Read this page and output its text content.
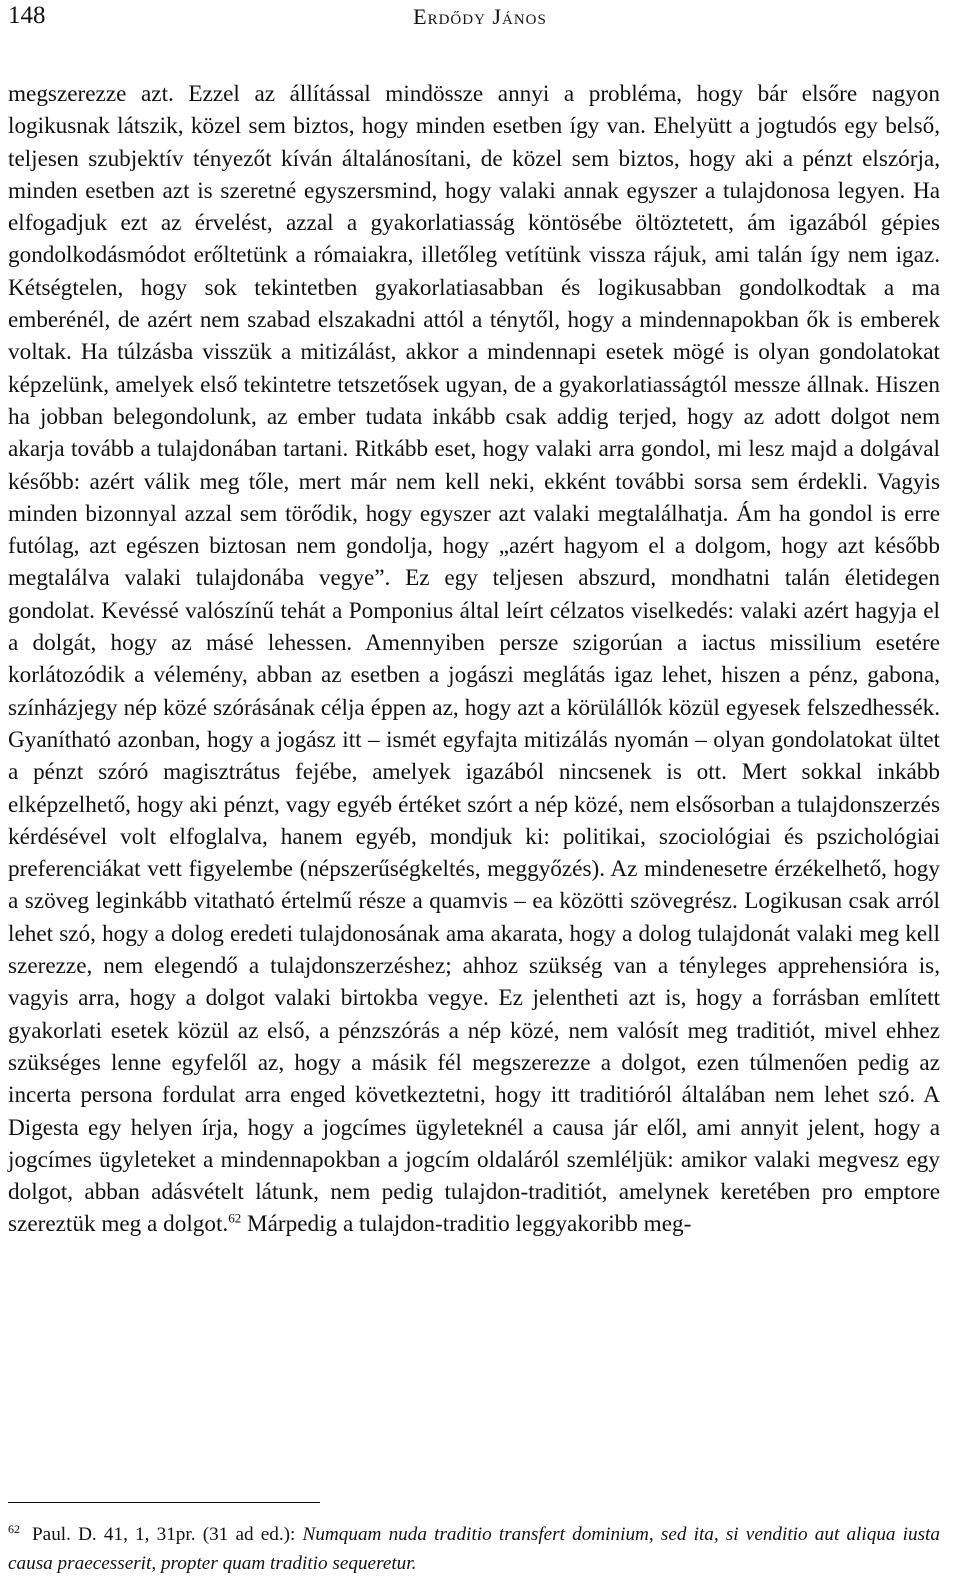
148	Erdődy János

megszerezze azt. Ezzel az állítással mindössze annyi a probléma, hogy bár elsőre nagyon logikusnak látszik, közel sem biztos, hogy minden esetben így van. Ehelyütt a jogtudós egy belső, teljesen szubjektív tényezőt kíván általánosítani, de közel sem biztos, hogy aki a pénzt elszórja, minden esetben azt is szeretné egyszersmind, hogy valaki annak egyszer a tulajdonosa legyen. Ha elfogadjuk ezt az érvelést, azzal a gyakorlatiasság köntösébe öltöztetett, ám igazából gépies gondolkodásmódot erőltetünk a rómaiakra, illetőleg vetítünk vissza rájuk, ami talán így nem igaz. Kétségtelen, hogy sok tekintetben gyakorlatiasabban és logikusabban gondolkodtak a ma emberénél, de azért nem szabad elszakadni attól a ténytől, hogy a mindennapokban ők is emberek voltak. Ha túlzásba visszük a mitizálást, akkor a mindennapi esetek mögé is olyan gondolatokat képzelünk, amelyek első tekintetre tetszetősek ugyan, de a gyakorlatiasságtól messze állnak. Hiszen ha jobban belegondolunk, az ember tudata inkább csak addig terjed, hogy az adott dolgot nem akarja tovább a tulajdonában tartani. Ritkább eset, hogy valaki arra gondol, mi lesz majd a dolgával később: azért válik meg tőle, mert már nem kell neki, ekként további sorsa sem érdekli. Vagyis minden bizonnyal azzal sem törődik, hogy egyszer azt valaki megtalálhatja. Ám ha gondol is erre futólag, azt egészen biztosan nem gondolja, hogy „azért hagyom el a dolgom, hogy azt később megtalálva valaki tulajdonába vegye”. Ez egy teljesen abszurd, mondhatni talán életidegen gondolat. Kevéssé valószínű tehát a Pomponius által leírt célzatos viselkedés: valaki azért hagyja el a dolgát, hogy az másé lehessen. Amennyiben persze szigorúan a iactus missilium esetére korlátozódik a vélemény, abban az esetben a jogászi meglátás igaz lehet, hiszen a pénz, gabona, színházjegy nép közé szórásának célja éppen az, hogy azt a körülállók közül egyesek felszedhessék. Gyanítható azonban, hogy a jogász itt – ismét egyfajta mitizálás nyomán – olyan gondolatokat ültet a pénzt szóró magisztrátus fejébe, amelyek igazából nincsenek is ott. Mert sokkal inkább elképzelhető, hogy aki pénzt, vagy egyéb értéket szórt a nép közé, nem elsősorban a tulajdonszerzés kérdésével volt elfoglalva, hanem egyéb, mondjuk ki: politikai, szociológiai és pszichológiai preferenciákat vett figyelembe (népszerűségkeltés, meggyőzés). Az mindenesetre érzékelhető, hogy a szöveg leginkább vitatható értelmű része a quamvis – ea közötti szövegrész. Logikusan csak arról lehet szó, hogy a dolog eredeti tulajdonosának ama akarata, hogy a dolog tulajdonát valaki meg kell szerezze, nem elegendő a tulajdonszerzéshez; ahhoz szükség van a tényleges apprehensióra is, vagyis arra, hogy a dolgot valaki birtokba vegye. Ez jelentheti azt is, hogy a forrásban említett gyakorlati esetek közül az első, a pénzszórás a nép közé, nem valósít meg traditiót, mivel ehhez szükséges lenne egyfelől az, hogy a másik fél megszerezze a dolgot, ezen túlmenően pedig az incerta persona fordulat arra enged következtetni, hogy itt traditióról általában nem lehet szó. A Digesta egy helyen írja, hogy a jogcímes ügyleteknél a causa jár elől, ami annyit jelent, hogy a jogcímes ügyleteket a mindennapokban a jogcím oldaláról szemléljük: amikor valaki megvesz egy dolgot, abban adásvételt látunk, nem pedig tulajdon-traditiót, amelynek keretében pro emptore szereztük meg a dolgot.$^{62}$ Márpedig a tulajdon-traditio leggyakoribb meg-

$^{62}$ Paul. D. 41, 1, 31pr. (31 ad ed.): Numquam nuda traditio transfert dominium, sed ita, si venditio aut aliqua iusta causa praecesserit, propter quam traditio sequeretur.
